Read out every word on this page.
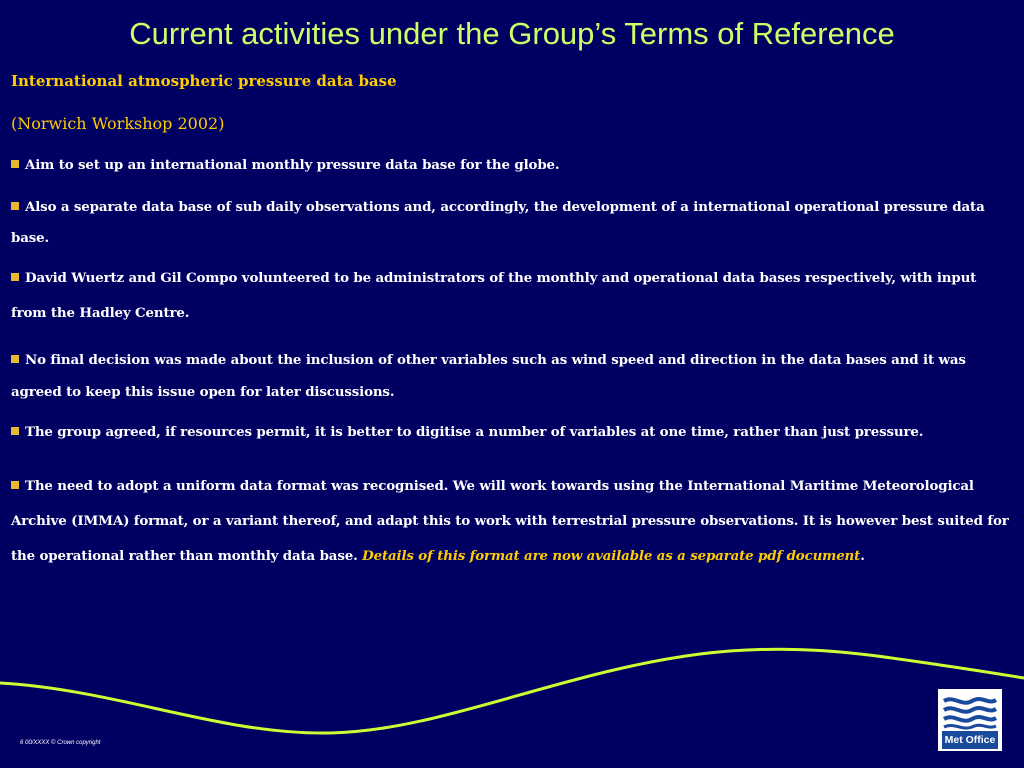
Current activities under the Group’s Terms of Reference
International atmospheric pressure data base
(Norwich Workshop 2002)
Aim to set up an international monthly pressure data base for the globe.
Also a separate data base of sub daily observations and, accordingly, the development of a international operational pressure data base.
David Wuertz and Gil Compo volunteered to be administrators of the monthly and operational data bases respectively, with input from the Hadley Centre.
No final decision was made about the inclusion of other variables such as wind speed and direction in the data bases and it was agreed to keep this issue open for later discussions.
The group agreed, if resources permit, it is better to digitise a number of variables at one time, rather than just pressure.
The need to adopt a uniform data format was recognised. We will work towards using the International Maritime Meteorological Archive (IMMA) format, or a variant thereof, and adapt this to work with terrestrial pressure observations. It is however best suited for the operational rather than monthly data base. Details of this format are now available as a separate pdf document.
6 00/XXXX © Crown copyright	Met Office
